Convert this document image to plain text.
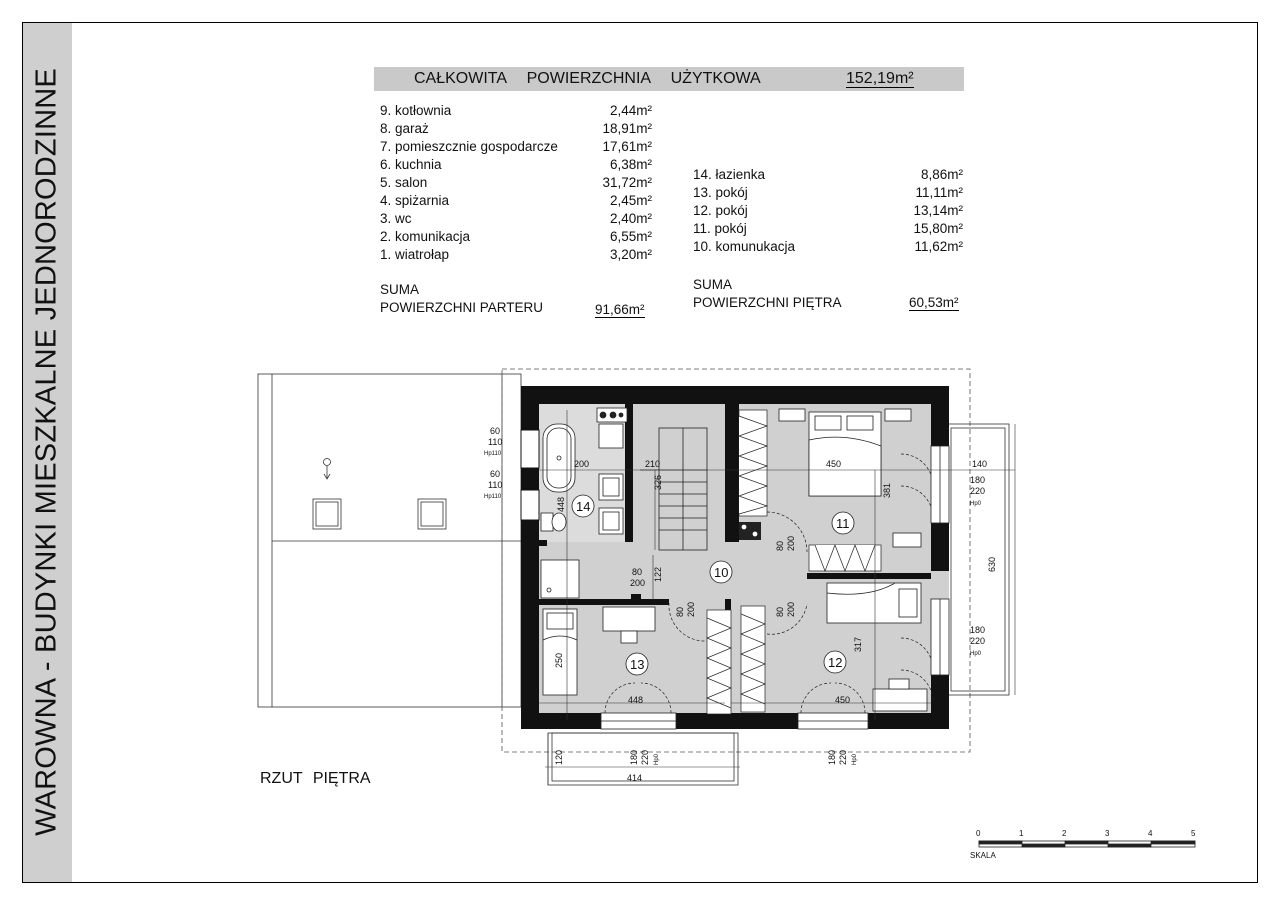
WAROWNA - BUDYNKI MIESZKALNE JEDNORODZINNE	CAŁKOWITA POWIERZCHNIA UŻYTKOWA	152,19m²
9. kotłownia	2,44m²
8. garaż	18,91m²
7. pomieszcznie gospodarcze	17,61m²
6. kuchnia	6,38m²
5. salon	31,72m²
4. spiżarnia	2,45m²
3. wc	2,40m²
2. komunikacja	6,55m²
1. wiatrołap	3,20m²
SUMA
POWIERZCHNI PARTERU	91,66m²
14. łazienka	8,86m²
13. pokój	11,11m²
12. pokój	13,14m²
11. pokój	15,80m²
10. komunukacja	11,62m²
SUMA
POWIERZCHNI PIĘTRA	60,53m²
200	210	450	140
450
448
414
448
326
381
122
630
250
317
120
60
110
Hp110
60
110
Hp110
180
220
Hp0
180
220
Hp0
180 220 Hp0	180 220 Hp0
80 200
80
200
80 200	80 200
14
11
10
13	12
RZUT PIĘTRA
SKALA
0	1	2	3	4	5
